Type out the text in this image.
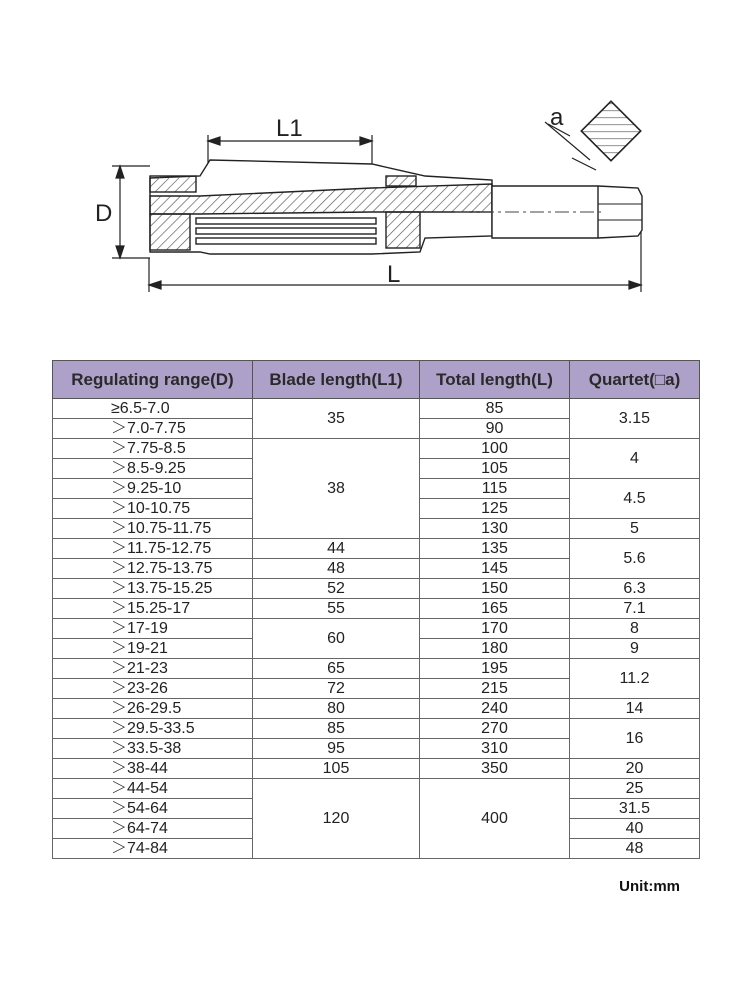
L1
D
L
a
Regulating range(D)	Blade length(L1)	Total length(L)	Quartet(□a)
≥6.5-7.0	35	85	3.15
＞7.0-7.75		90	
＞7.75-8.5	38	100	4
＞8.5-9.25		105	
＞9.25-10		115	4.5
＞10-10.75		125	
＞10.75-11.75		130	5
＞11.75-12.75	44	135	5.6
＞12.75-13.75	48	145	
＞13.75-15.25	52	150	6.3
＞15.25-17	55	165	7.1
＞17-19	60	170	8
＞19-21		180	9
＞21-23	65	195	11.2
＞23-26	72	215	
＞26-29.5	80	240	14
＞29.5-33.5	85	270	16
＞33.5-38	95	310	
＞38-44	105	350	20
＞44-54	120	400	25
＞54-64			31.5
＞64-74			40
＞74-84			48
Unit:mm
